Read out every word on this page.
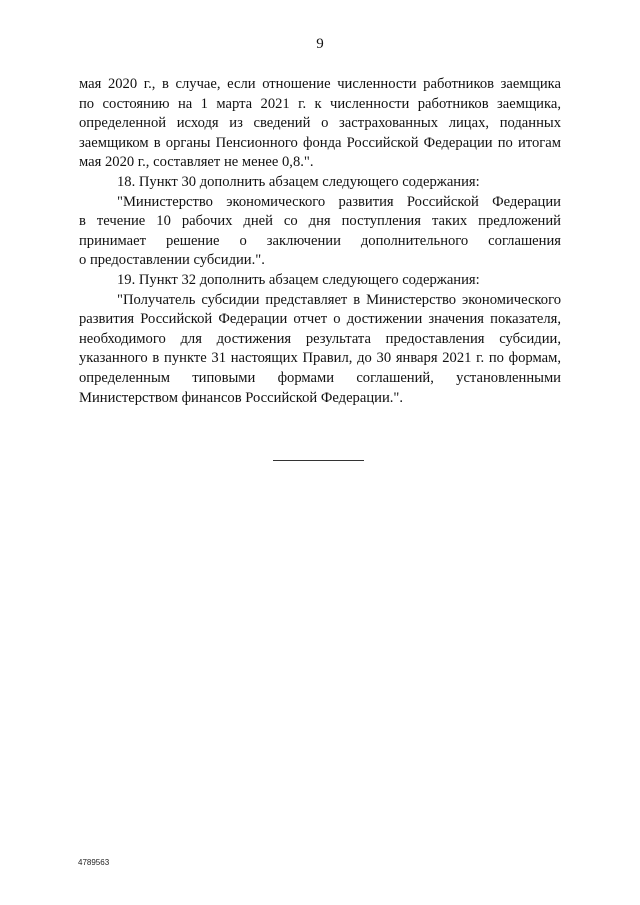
9

мая 2020 г., в случае, если отношение численности работников заемщика
по состоянию на 1 марта 2021 г. к численности работников заемщика,
определенной исходя из сведений о застрахованных лицах, поданных
заемщиком в органы Пенсионного фонда Российской Федерации по итогам
мая 2020 г., составляет не менее 0,8.".

18. Пункт 30 дополнить абзацем следующего содержания:

"Министерство экономического развития Российской Федерации
в течение 10 рабочих дней со дня поступления таких предложений
принимает решение о заключении дополнительного соглашения
о предоставлении субсидии.".

19. Пункт 32 дополнить абзацем следующего содержания:

"Получатель субсидии представляет в Министерство экономического
развития Российской Федерации отчет о достижении значения показателя,
необходимого для достижения результата предоставления субсидии,
указанного в пункте 31 настоящих Правил, до 30 января 2021 г. по формам,
определенным типовыми формами соглашений, установленными
Министерством финансов Российской Федерации.".

4789563
